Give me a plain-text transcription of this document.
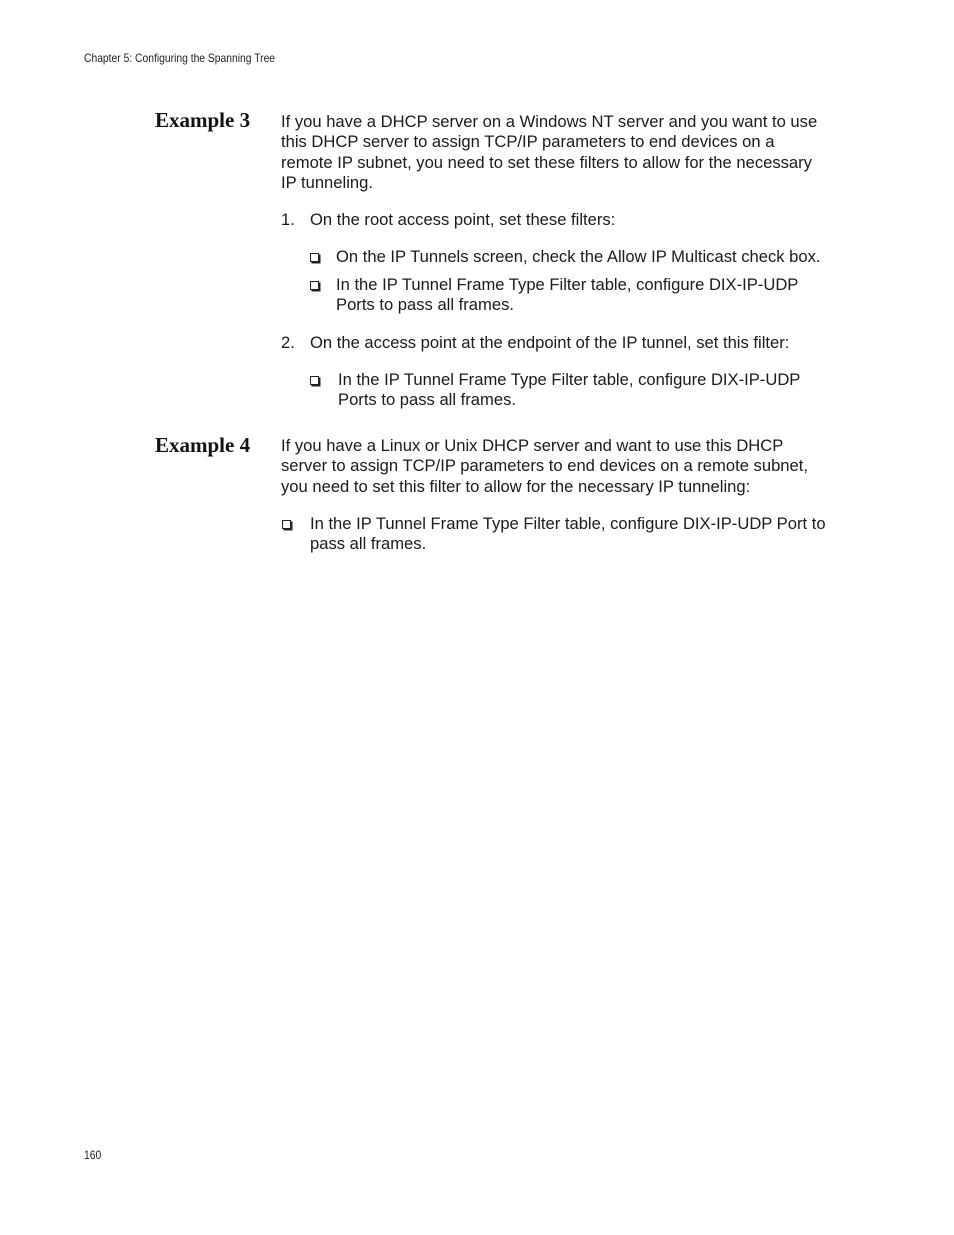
Chapter 5: Configuring the Spanning Tree
Example 3 If you have a DHCP server on a Windows NT server and you want to use
this DHCP server to assign TCP/IP parameters to end devices on a
remote IP subnet, you need to set these filters to allow for the necessary
IP tunneling.
1. On the root access point, set these filters:
On the IP Tunnels screen, check the Allow IP Multicast check box.
In the IP Tunnel Frame Type Filter table, configure DIX-IP-UDP
Ports to pass all frames.
2. On the access point at the endpoint of the IP tunnel, set this filter:
In the IP Tunnel Frame Type Filter table, configure DIX-IP-UDP
Ports to pass all frames.
Example 4 If you have a Linux or Unix DHCP server and want to use this DHCP
server to assign TCP/IP parameters to end devices on a remote subnet,
you need to set this filter to allow for the necessary IP tunneling:
In the IP Tunnel Frame Type Filter table, configure DIX-IP-UDP Port to
pass all frames.
160
